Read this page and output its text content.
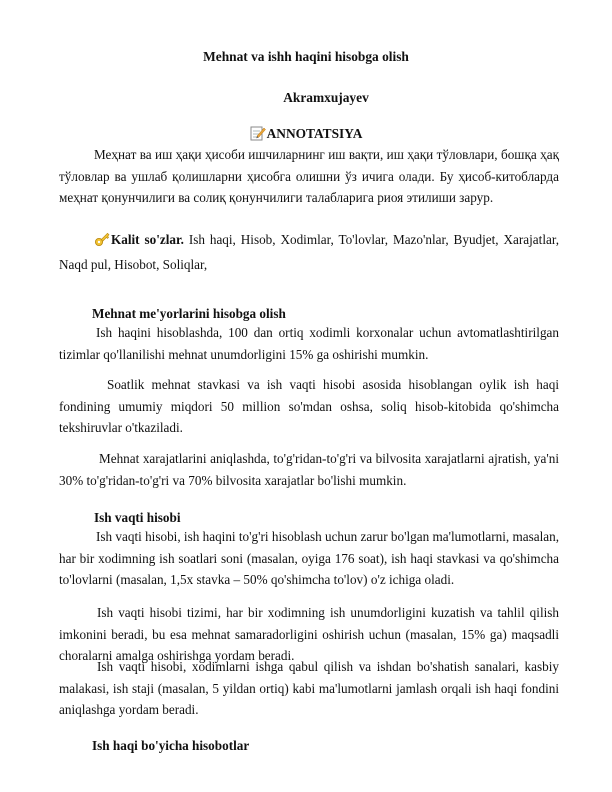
Mehnat va ishh haqini hisobga olish
Akramxujayev
ANNOTATSIYA
Меҳнат ва иш ҳақи ҳисоби ишчиларнинг иш вақти, иш ҳақи тўловлари, бошқа ҳақ тўловлар ва ушлаб қолишларни ҳисобга олишни ўз ичига олади. Бу ҳисоб-китобларда меҳнат қонунчилиги ва солиқ қонунчилиги талабларига риоя этилиши зарур.
Kalit so'zlar. Ish haqi, Hisob, Xodimlar, To'lovlar, Mazo'nlar, Byudjet, Xarajatlar, Naqd pul, Hisobot, Soliqlar,
Mehnat me'yorlarini hisobga olish
Ish haqini hisoblashda, 100 dan ortiq xodimli korxonalar uchun avtomatlashtirilgan tizimlar qo'llanilishi mehnat unumdorligini 15% ga oshirishi mumkin.
Soatlik mehnat stavkasi va ish vaqti hisobi asosida hisoblangan oylik ish haqi fondining umumiy miqdori 50 million so'mdan oshsa, soliq hisob-kitobida qo'shimcha tekshiruvlar o'tkaziladi.
Mehnat xarajatlarini aniqlashda, to'g'ridan-to'g'ri va bilvosita xarajatlarni ajratish, ya'ni 30% to'g'ridan-to'g'ri va 70% bilvosita xarajatlar bo'lishi mumkin.
Ish vaqti hisobi
Ish vaqti hisobi, ish haqini to'g'ri hisoblash uchun zarur bo'lgan ma'lumotlarni, masalan, har bir xodimning ish soatlari soni (masalan, oyiga 176 soat), ish haqi stavkasi va qo'shimcha to'lovlarni (masalan, 1,5x stavka – 50% qo'shimcha to'lov) o'z ichiga oladi.
Ish vaqti hisobi tizimi, har bir xodimning ish unumdorligini kuzatish va tahlil qilish imkonini beradi, bu esa mehnat samaradorligini oshirish uchun (masalan, 15% ga) maqsadli choralarni amalga oshirishga yordam beradi.
Ish vaqti hisobi, xodimlarni ishga qabul qilish va ishdan bo'shatish sanalari, kasbiy malakasi, ish staji (masalan, 5 yildan ortiq) kabi ma'lumotlarni jamlash orqali ish haqi fondini aniqlashga yordam beradi.
Ish haqi bo'yicha hisobotlar
